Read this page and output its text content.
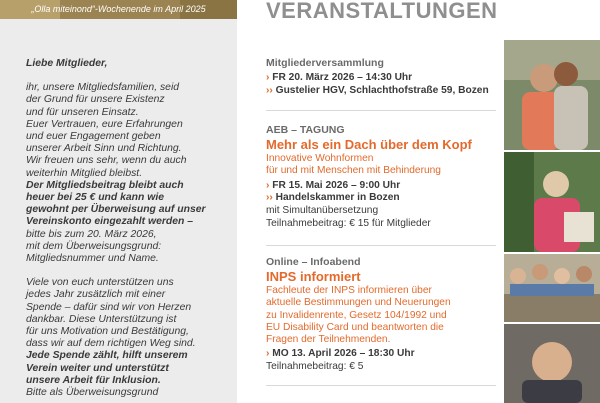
„Olla miteinond“-Wochenende im April 2025

Liebe Mitglieder,

ihr, unsere Mitgliedsfamilien, seid

der Grund für unsere Existenz

und für unseren Einsatz.

Euer Vertrauen, eure Erfahrungen

und euer Engagement geben

unserer Arbeit Sinn und Richtung.

Wir freuen uns sehr, wenn du auch

weiterhin Mitglied bleibst.

Der Mitgliedsbeitrag bleibt auch

heuer bei 25 € und kann wie

gewohnt per Überweisung auf unser

Vereinskonto eingezahlt werden –

bitte bis zum 20. März 2026,

mit dem Überweisungsgrund:

Mitgliedsnummer und Name.

Viele von euch unterstützen uns

jedes Jahr zusätzlich mit einer

Spende – dafür sind wir von Herzen

dankbar. Diese Unterstützung ist

für uns Motivation und Bestätigung,

dass wir auf dem richtigen Weg sind.

Jede Spende zählt, hilft unserem

Verein weiter und unterstützt

unsere Arbeit für Inklusion.

Bitte als Überweisungsgrund

VERANSTALTUNGEN
Mitgliederversammlung
› FR 20. März 2026 – 14:30 Uhr
›› Gustelier HGV, Schlachthofstraße 59, Bozen
AEB – TAGUNG
Mehr als ein Dach über dem Kopf
Innovative Wohnformen
für und mit Menschen mit Behinderung
› FR 15. Mai 2026 – 9:00 Uhr
›› Handelskammer in Bozen
mit Simultanübersetzung
Teilnahmebeitrag: € 15 für Mitglieder
Online – Infoabend
INPS informiert
Fachleute der INPS informieren über
aktuelle Bestimmungen und Neuerungen
zu Invalidenrente, Gesetz 104/1992 und
EU Disability Card und beantworten die
Fragen der Teilnehmenden.
› MO 13. April 2026 – 18:30 Uhr
Teilnahmebeitrag: € 5
